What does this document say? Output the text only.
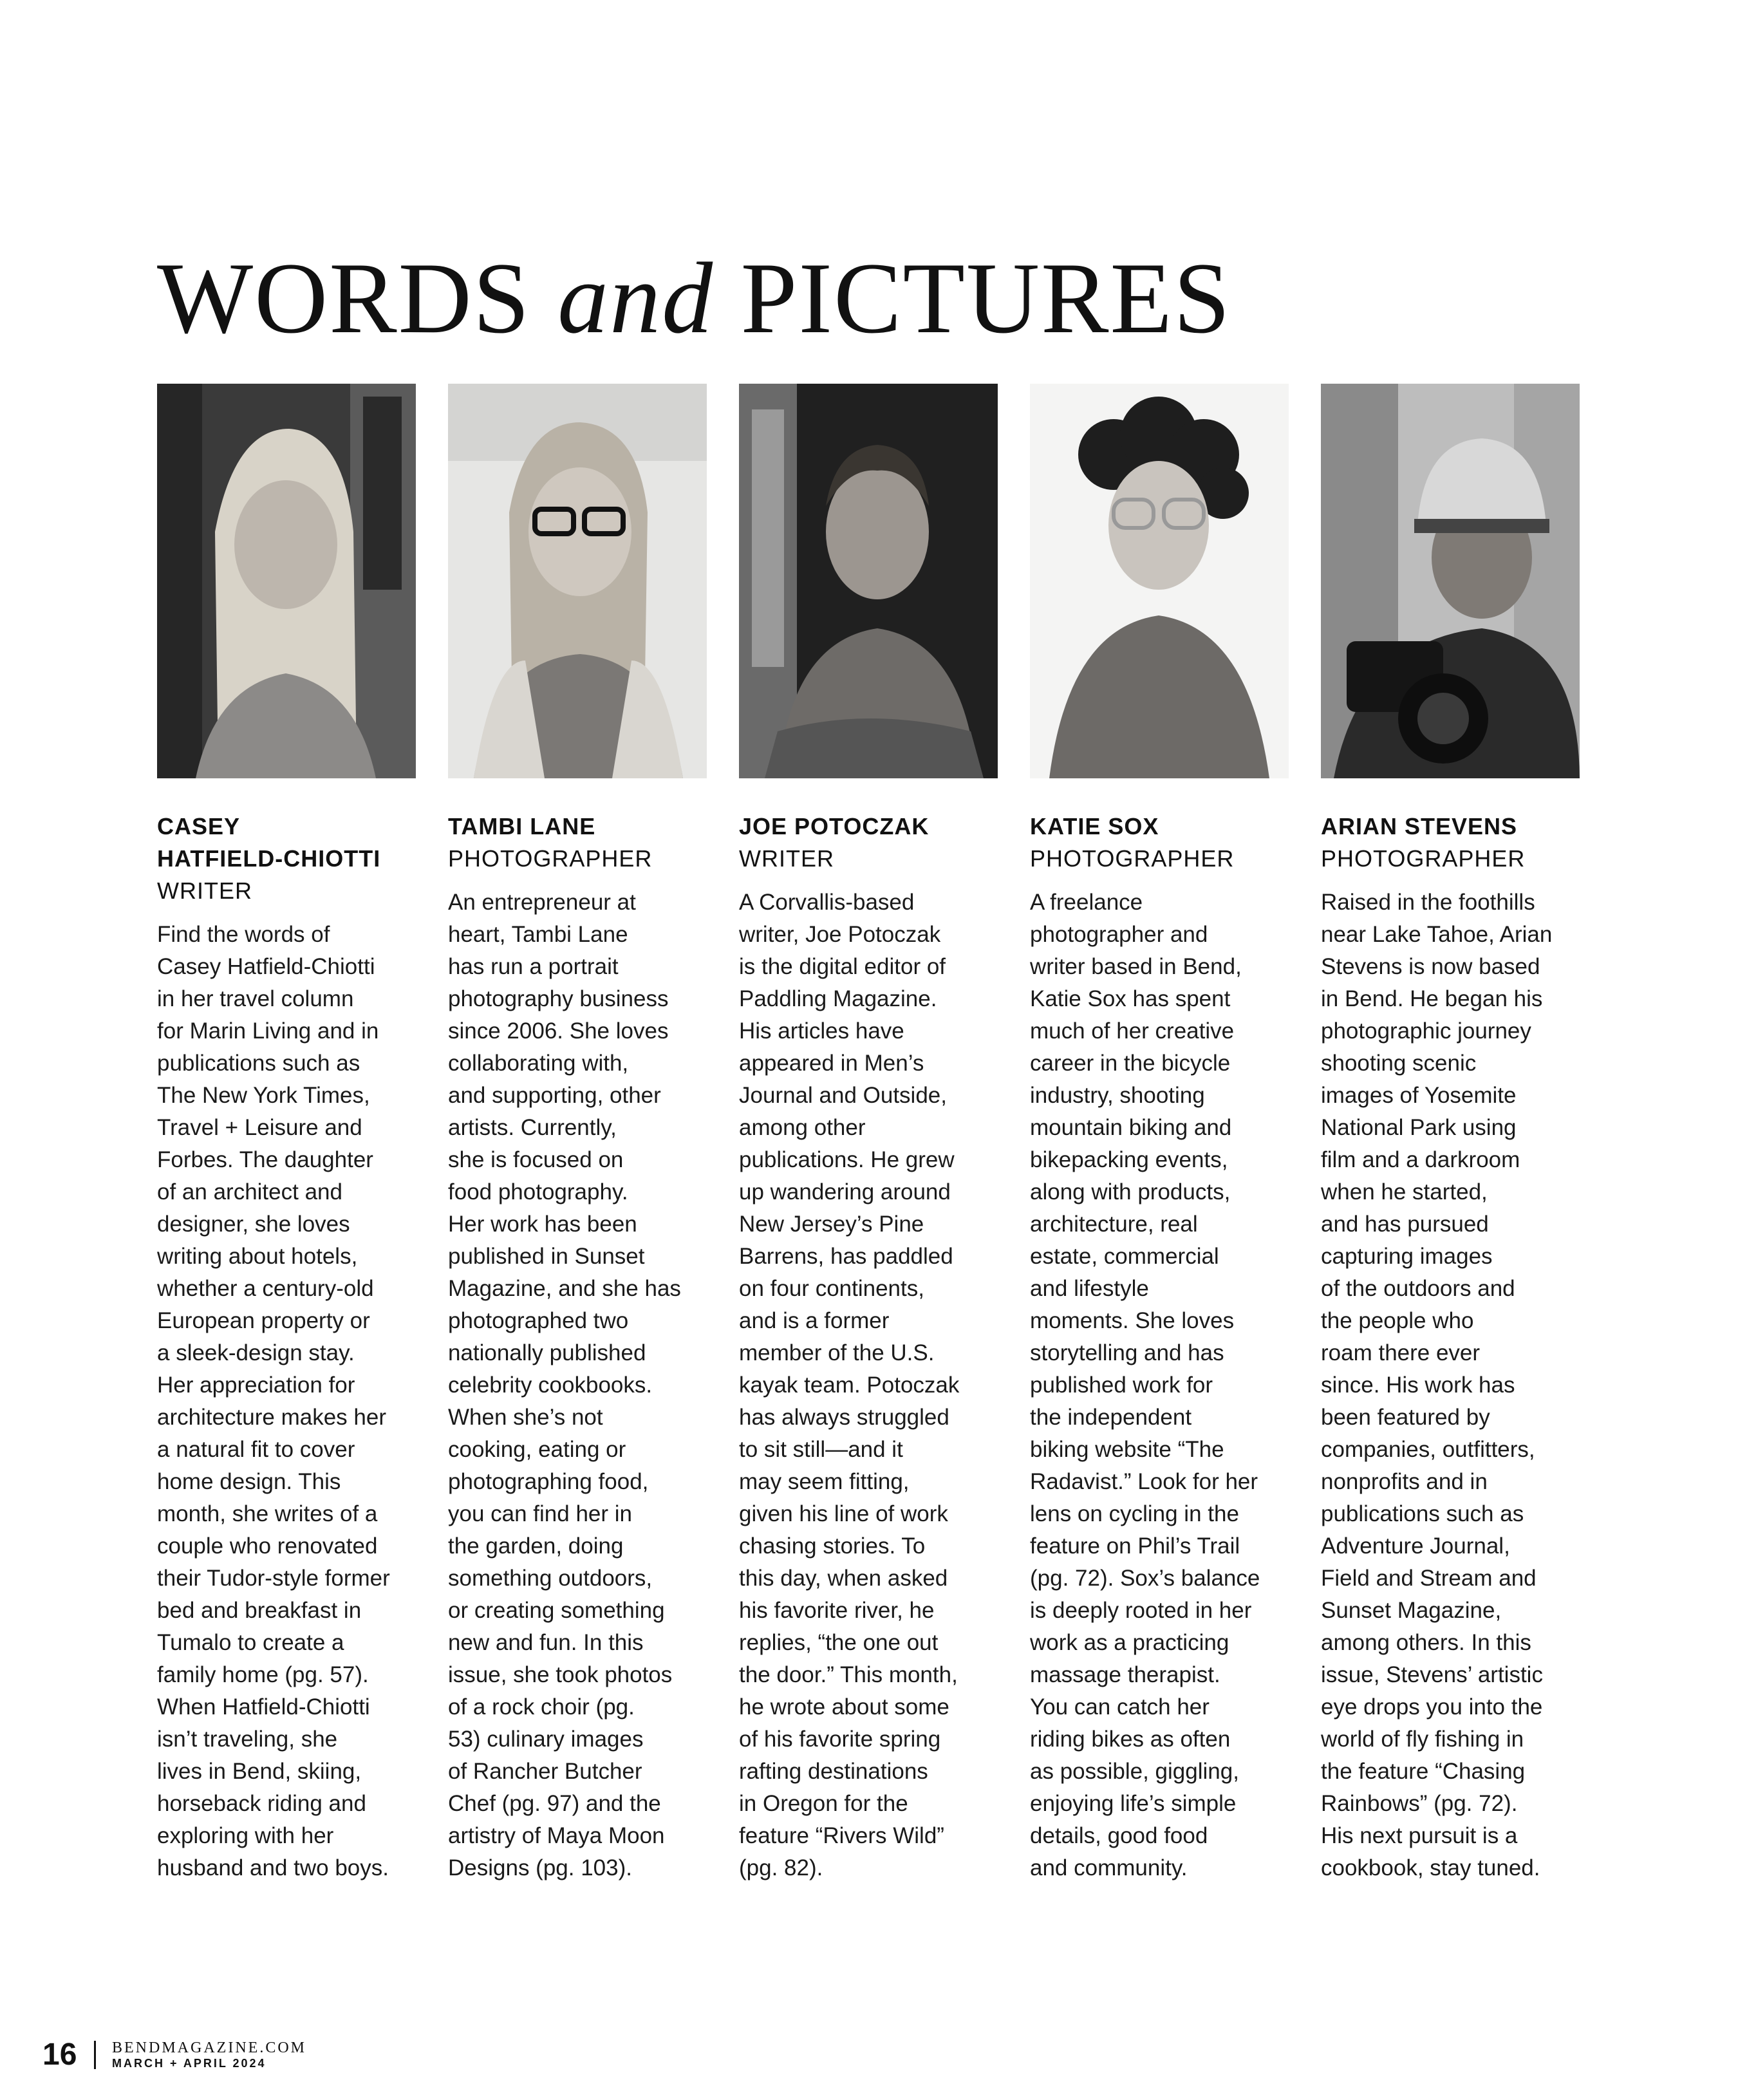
WORDS and PICTURES
CASEY
HATFIELD-CHIOTTI
WRITER

Find the words of

Casey Hatfield-Chiotti

in her travel column

for Marin Living and in

publications such as

The New York Times,

Travel + Leisure and

Forbes. The daughter

of an architect and

designer, she loves

writing about hotels,

whether a century-old

European property or

a sleek-design stay.

Her appreciation for

architecture makes her

a natural fit to cover

home design. This

month, she writes of a

couple who renovated

their Tudor-style former

bed and breakfast in

Tumalo to create a

family home (pg. 57).

When Hatfield-Chiotti

isn’t traveling, she

lives in Bend, skiing,

horseback riding and

exploring with her

husband and two boys.

TAMBI LANE
PHOTOGRAPHER

An entrepreneur at

heart, Tambi Lane

has run a portrait

photography business

since 2006. She loves

collaborating with,

and supporting, other

artists. Currently,

she is focused on

food photography.

Her work has been

published in Sunset

Magazine, and she has

photographed two

nationally published

celebrity cookbooks.

When she’s not

cooking, eating or

photographing food,

you can find her in

the garden, doing

something outdoors,

or creating something

new and fun. In this

issue, she took photos

of a rock choir (pg.

53) culinary images

of Rancher Butcher

Chef (pg. 97) and the

artistry of Maya Moon

Designs (pg. 103).

JOE POTOCZAK
WRITER

A Corvallis-based

writer, Joe Potoczak

is the digital editor of

Paddling Magazine.

His articles have

appeared in Men’s

Journal and Outside,

among other

publications. He grew

up wandering around

New Jersey’s Pine

Barrens, has paddled

on four continents,

and is a former

member of the U.S.

kayak team. Potoczak

has always struggled

to sit still—and it

may seem fitting,

given his line of work

chasing stories. To

this day, when asked

his favorite river, he

replies, “the one out

the door.” This month,

he wrote about some

of his favorite spring

rafting destinations

in Oregon for the

feature “Rivers Wild”

(pg. 82).

KATIE SOX
PHOTOGRAPHER

A freelance

photographer and

writer based in Bend,

Katie Sox has spent

much of her creative

career in the bicycle

industry, shooting

mountain biking and

bikepacking events,

along with products,

architecture, real

estate, commercial

and lifestyle

moments. She loves

storytelling and has

published work for

the independent

biking website “The

Radavist.” Look for her

lens on cycling in the

feature on Phil’s Trail

(pg. 72). Sox’s balance

is deeply rooted in her

work as a practicing

massage therapist.

You can catch her

riding bikes as often

as possible, giggling,

enjoying life’s simple

details, good food

and community.

ARIAN STEVENS
PHOTOGRAPHER

Raised in the foothills

near Lake Tahoe, Arian

Stevens is now based

in Bend. He began his

photographic journey

shooting scenic

images of Yosemite

National Park using

film and a darkroom

when he started,

and has pursued

capturing images

of the outdoors and

the people who

roam there ever

since. His work has

been featured by

companies, outfitters,

nonprofits and in

publications such as

Adventure Journal,

Field and Stream and

Sunset Magazine,

among others. In this

issue, Stevens’ artistic

eye drops you into the

world of fly fishing in

the feature “Chasing

Rainbows” (pg. 72).

His next pursuit is a

cookbook, stay tuned.

16 BENDMAGAZINE.COM
MARCH + APRIL 2024
